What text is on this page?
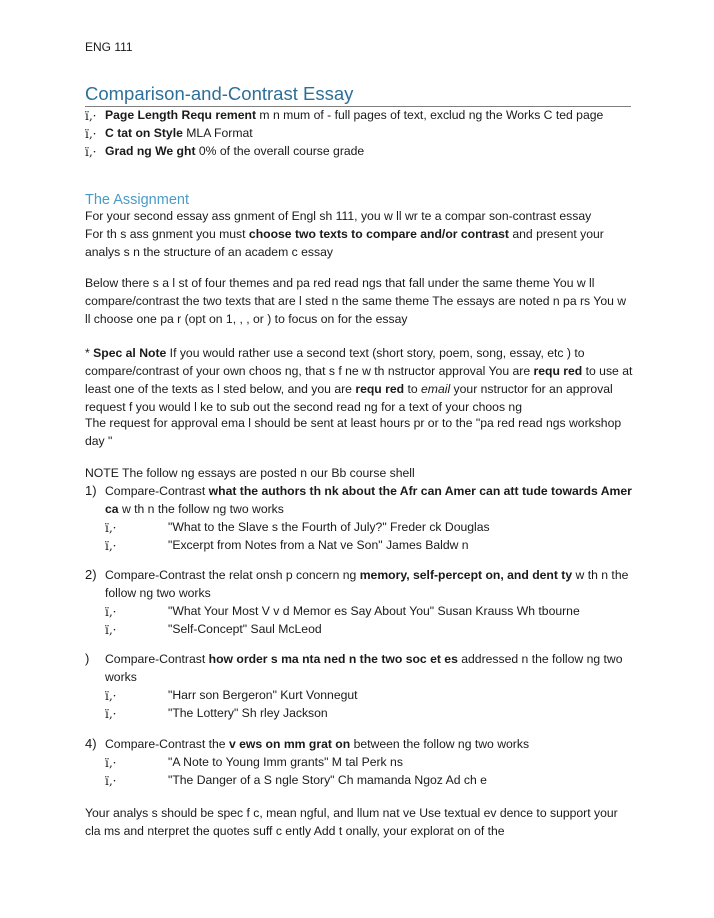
ENG 111
Comparison-and-Contrast Essay
ï‚· Page Length Requ rement m n mum of - full pages of text, exclud ng the Works C ted page
ï‚· C tat on Style MLA Format
ï‚· Grad ng We ght 0% of the overall course grade
The Assignment
For your second essay ass gnment of Engl sh 111, you w ll wr te a compar son-contrast essay
For th s ass gnment you must choose two texts to compare and/or contrast and present your analys s n the structure of an academ c essay
Below there s a l st of four themes and pa red read ngs that fall under the same theme You w ll compare/contrast the two texts that are l sted n the same theme The essays are noted n pa rs You w ll choose one pa r (opt on 1, , , or ) to focus on for the essay
* Spec al Note If you would rather use a second text (short story, poem, song, essay, etc ) to compare/contrast of your own choos ng, that s f ne w th nstructor approval You are requ red to use at least one of the texts as l sted below, and you are requ red to email your nstructor for an approval request f you would l ke to sub out the second read ng for a text of your choos ng
The request for approval ema l should be sent at least hours pr or to the "pa red read ngs workshop day "
NOTE The follow ng essays are posted n our Bb course shell
1) Compare-Contrast what the authors th nk about the Afr can Amer can att tude towards Amer ca w th n the follow ng two works
ï‚·	"What to the Slave s the Fourth of July?" Freder ck Douglas
ï‚·	"Excerpt from Notes from a Nat ve Son" James Baldw n
2) Compare-Contrast the relat onsh p concern ng memory, self-percept on, and dent ty w th n the follow ng two works
ï‚·	"What Your Most V v d Memor es Say About You" Susan Krauss Wh tbourne
ï‚·	"Self-Concept" Saul McLeod
) Compare-Contrast how order s ma nta ned n the two soc et es addressed n the follow ng two works
ï‚·	"Harr son Bergeron" Kurt Vonnegut
ï‚·	"The Lottery" Sh rley Jackson
4) Compare-Contrast the v ews on mm grat on between the follow ng two works
ï‚·	"A Note to Young Imm grants" M tal Perk ns
ï‚·	"The Danger of a S ngle Story" Ch mamanda Ngoz Ad ch e
Your analys s should be spec f c, mean ngful, and llum nat ve Use textual ev dence to support your cla ms and nterpret the quotes suff c ently Add t onally, your explorat on of the
